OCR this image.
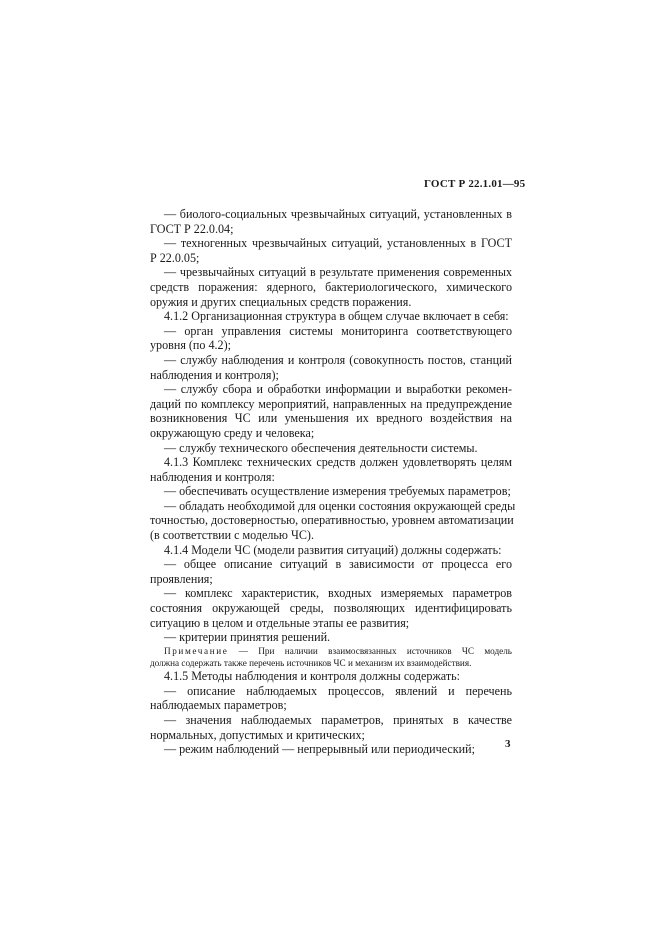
ГОСТ Р 22.1.01—95
— биолого-социальных чрезвычайных ситуаций, установленных в
ГОСТ Р 22.0.04;
— техногенных чрезвычайных ситуаций, установленных в ГОСТ
Р 22.0.05;
— чрезвычайных ситуаций в результате применения современных
средств поражения: ядерного, бактериологического, химического
оружия и других специальных средств поражения.
4.1.2 Организационная структура в общем случае включает в себя:
— орган управления системы мониторинга соответствующего
уровня (по 4.2);
— службу наблюдения и контроля (совокупность постов, станций
наблюдения и контроля);
— службу сбора и обработки информации и выработки рекомен-
даций по комплексу мероприятий, направленных на предупреждение
возникновения ЧС или уменьшения их вредного воздействия на
окружающую среду и человека;
— службу технического обеспечения деятельности системы.
4.1.3 Комплекс технических средств должен удовлетворять целям
наблюдения и контроля:
— обеспечивать осуществление измерения требуемых параметров;
— обладать необходимой для оценки состояния окружающей среды
точностью, достоверностью, оперативностью, уровнем автоматизации
(в соответствии с моделью ЧС).
4.1.4 Модели ЧС (модели развития ситуаций) должны содержать:
— общее описание ситуаций в зависимости от процесса его
проявления;
— комплекс характеристик, входных измеряемых параметров
состояния окружающей среды, позволяющих идентифицировать
ситуацию в целом и отдельные этапы ее развития;
— критерии принятия решений.
Примечание — При наличии взаимосвязанных источников ЧС модель
должна содержать также перечень источников ЧС и механизм их взаимодействия.
4.1.5 Методы наблюдения и контроля должны содержать:
— описание наблюдаемых процессов, явлений и перечень
наблюдаемых параметров;
— значения наблюдаемых параметров, принятых в качестве
нормальных, допустимых и критических;
— режим наблюдений — непрерывный или периодический;	3
